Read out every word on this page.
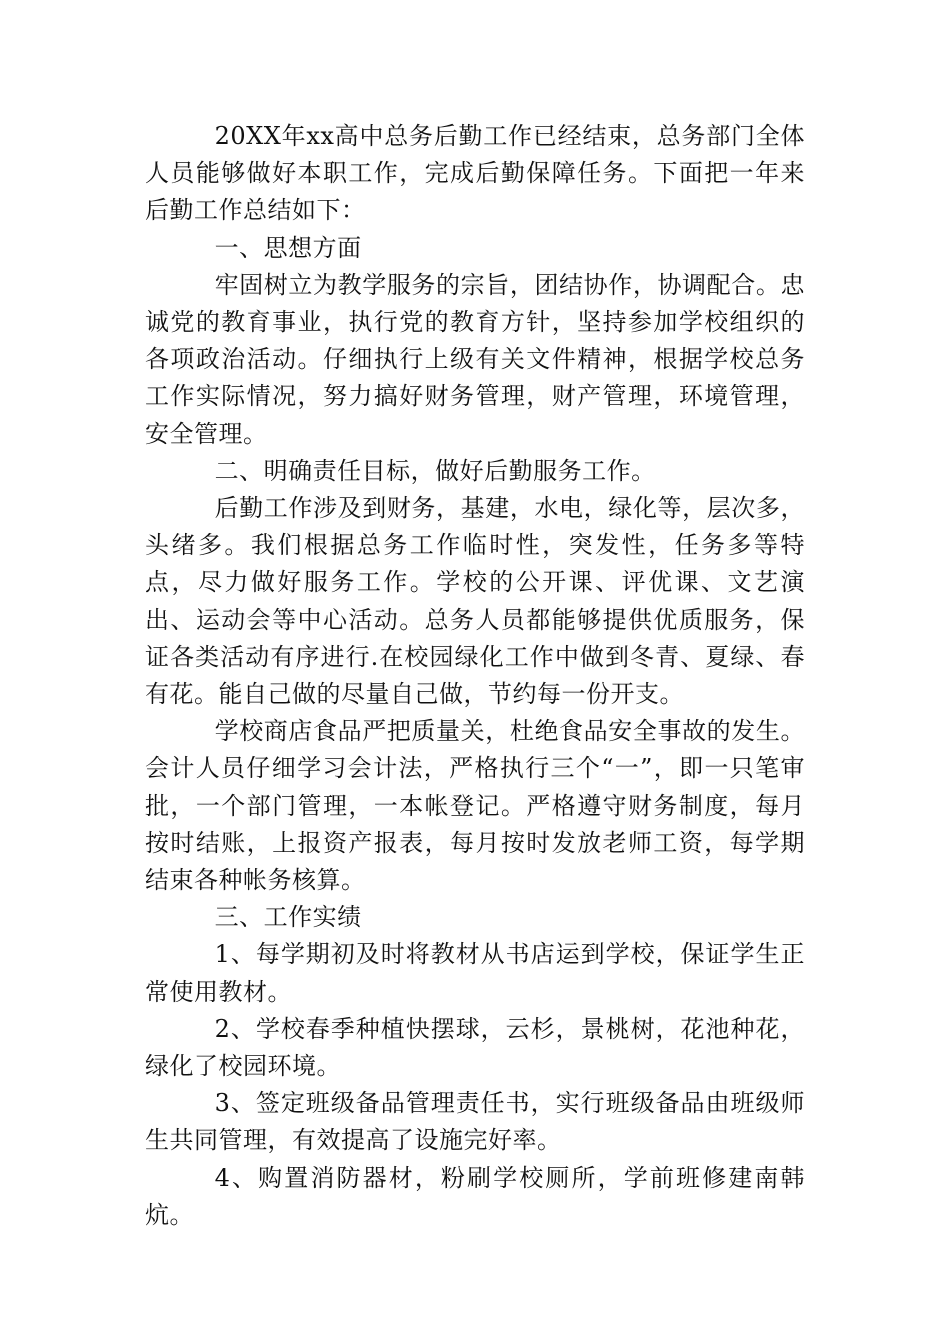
20XX年xx高中总务后勤工作已经结束，总务部门全体人员能够做好本职工作，完成后勤保障任务。下面把一年来后勤工作总结如下：

一、思想方面

牢固树立为教学服务的宗旨，团结协作，协调配合。忠诚党的教育事业，执行党的教育方针，坚持参加学校组织的各项政治活动。仔细执行上级有关文件精神，根据学校总务工作实际情况，努力搞好财务管理，财产管理，环境管理，安全管理。

二、明确责任目标，做好后勤服务工作。

后勤工作涉及到财务，基建，水电，绿化等，层次多，头绪多。我们根据总务工作临时性，突发性，任务多等特点，尽力做好服务工作。学校的公开课、评优课、文艺演出、运动会等中心活动。总务人员都能够提供优质服务，保证各类活动有序进行.在校园绿化工作中做到冬青、夏绿、春有花。能自己做的尽量自己做，节约每一份开支。

学校商店食品严把质量关，杜绝食品安全事故的发生。会计人员仔细学习会计法，严格执行三个“一”，即一只笔审批，一个部门管理，一本帐登记。严格遵守财务制度，每月按时结账，上报资产报表，每月按时发放老师工资，每学期结束各种帐务核算。

三、工作实绩

1、每学期初及时将教材从书店运到学校，保证学生正常使用教材。

2、学校春季种植快摆球，云杉，景桃树，花池种花，绿化了校园环境。

3、签定班级备品管理责任书，实行班级备品由班级师生共同管理，有效提高了设施完好率。

4、购置消防器材，粉刷学校厕所，学前班修建南韩炕。
